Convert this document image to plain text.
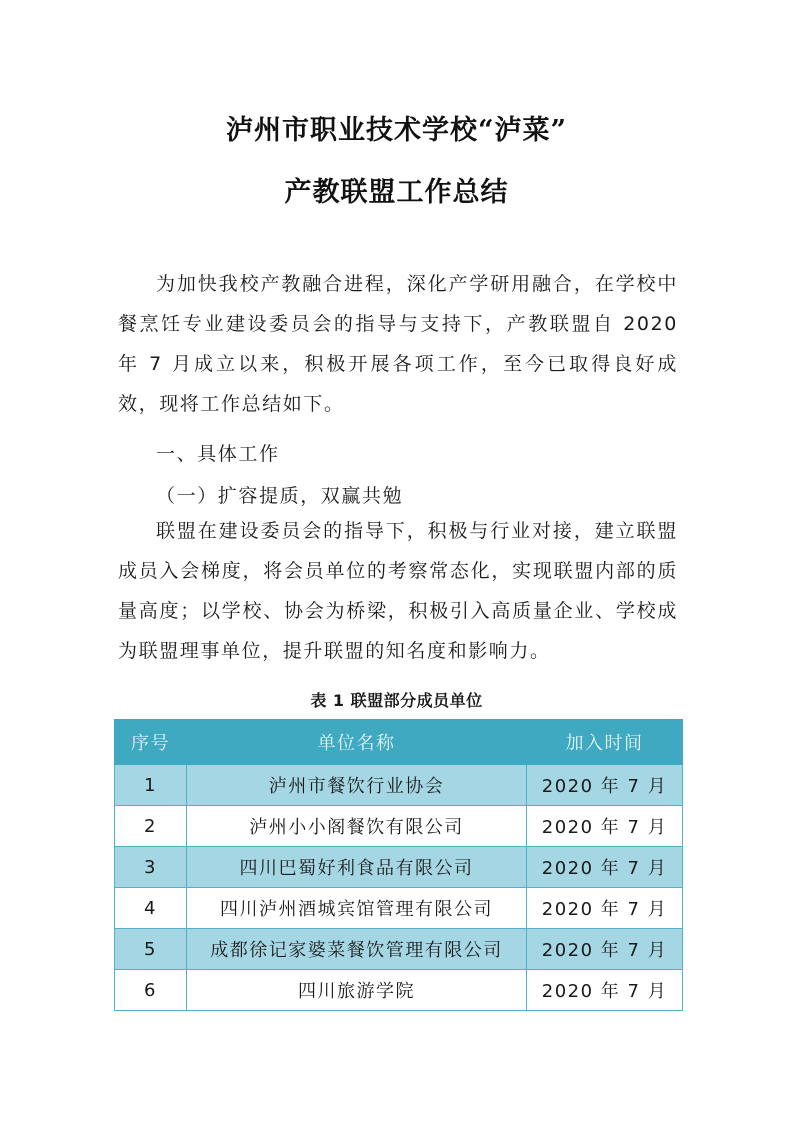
泸州市职业技术学校“泸菜”
产教联盟工作总结

为加快我校产教融合进程，深化产学研用融合，在学校中餐烹饪专业建设委员会的指导与支持下，产教联盟自 2020 年 7 月成立以来，积极开展各项工作，至今已取得良好成效，现将工作总结如下。

一、具体工作
（一）扩容提质，双赢共勉

联盟在建设委员会的指导下，积极与行业对接，建立联盟成员入会梯度，将会员单位的考察常态化，实现联盟内部的质量高度；以学校、协会为桥梁，积极引入高质量企业、学校成为联盟理事单位，提升联盟的知名度和影响力。

表 1 联盟部分成员单位
序号	单位名称	加入时间
1	泸州市餐饮行业协会	2020 年 7 月
2	泸州小小阁餐饮有限公司	2020 年 7 月
3	四川巴蜀好利食品有限公司	2020 年 7 月
4	四川泸州酒城宾馆管理有限公司	2020 年 7 月
5	成都徐记家婆菜餐饮管理有限公司	2020 年 7 月
6	四川旅游学院	2020 年 7 月
